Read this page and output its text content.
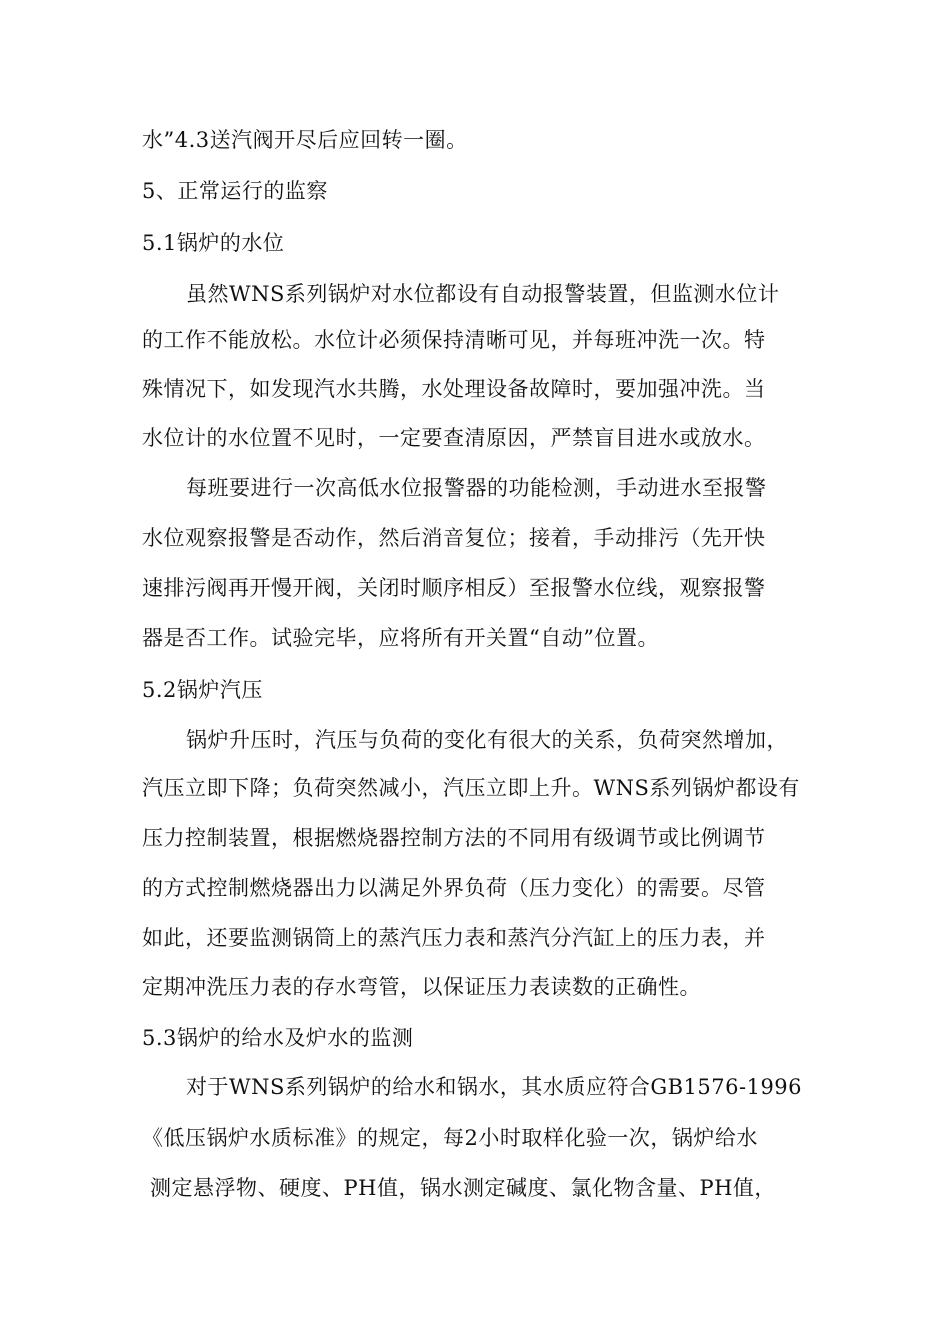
水”4.3送汽阀开尽后应回转一圈。
5、正常运行的监察
5.1锅炉的水位
虽然WNS系列锅炉对水位都设有自动报警装置，但监测水位计
的工作不能放松。水位计必须保持清晰可见，并每班冲洗一次。特
殊情况下，如发现汽水共腾，水处理设备故障时，要加强冲洗。当
水位计的水位置不见时，一定要查清原因，严禁盲目进水或放水。
每班要进行一次高低水位报警器的功能检测，手动进水至报警
水位观察报警是否动作，然后消音复位；接着，手动排污（先开快
速排污阀再开慢开阀，关闭时顺序相反）至报警水位线，观察报警
器是否工作。试验完毕，应将所有开关置“自动”位置。
5.2锅炉汽压
锅炉升压时，汽压与负荷的变化有很大的关系，负荷突然增加，
汽压立即下降；负荷突然减小，汽压立即上升。WNS系列锅炉都设有
压力控制装置，根据燃烧器控制方法的不同用有级调节或比例调节
的方式控制燃烧器出力以满足外界负荷（压力变化）的需要。尽管
如此，还要监测锅筒上的蒸汽压力表和蒸汽分汽缸上的压力表，并
定期冲洗压力表的存水弯管，以保证压力表读数的正确性。
5.3锅炉的给水及炉水的监测
对于WNS系列锅炉的给水和锅水，其水质应符合GB1576-1996
《低压锅炉水质标准》的规定，每2小时取样化验一次，锅炉给水
测定悬浮物、硬度、PH值，锅水测定碱度、氯化物含量、PH值，
